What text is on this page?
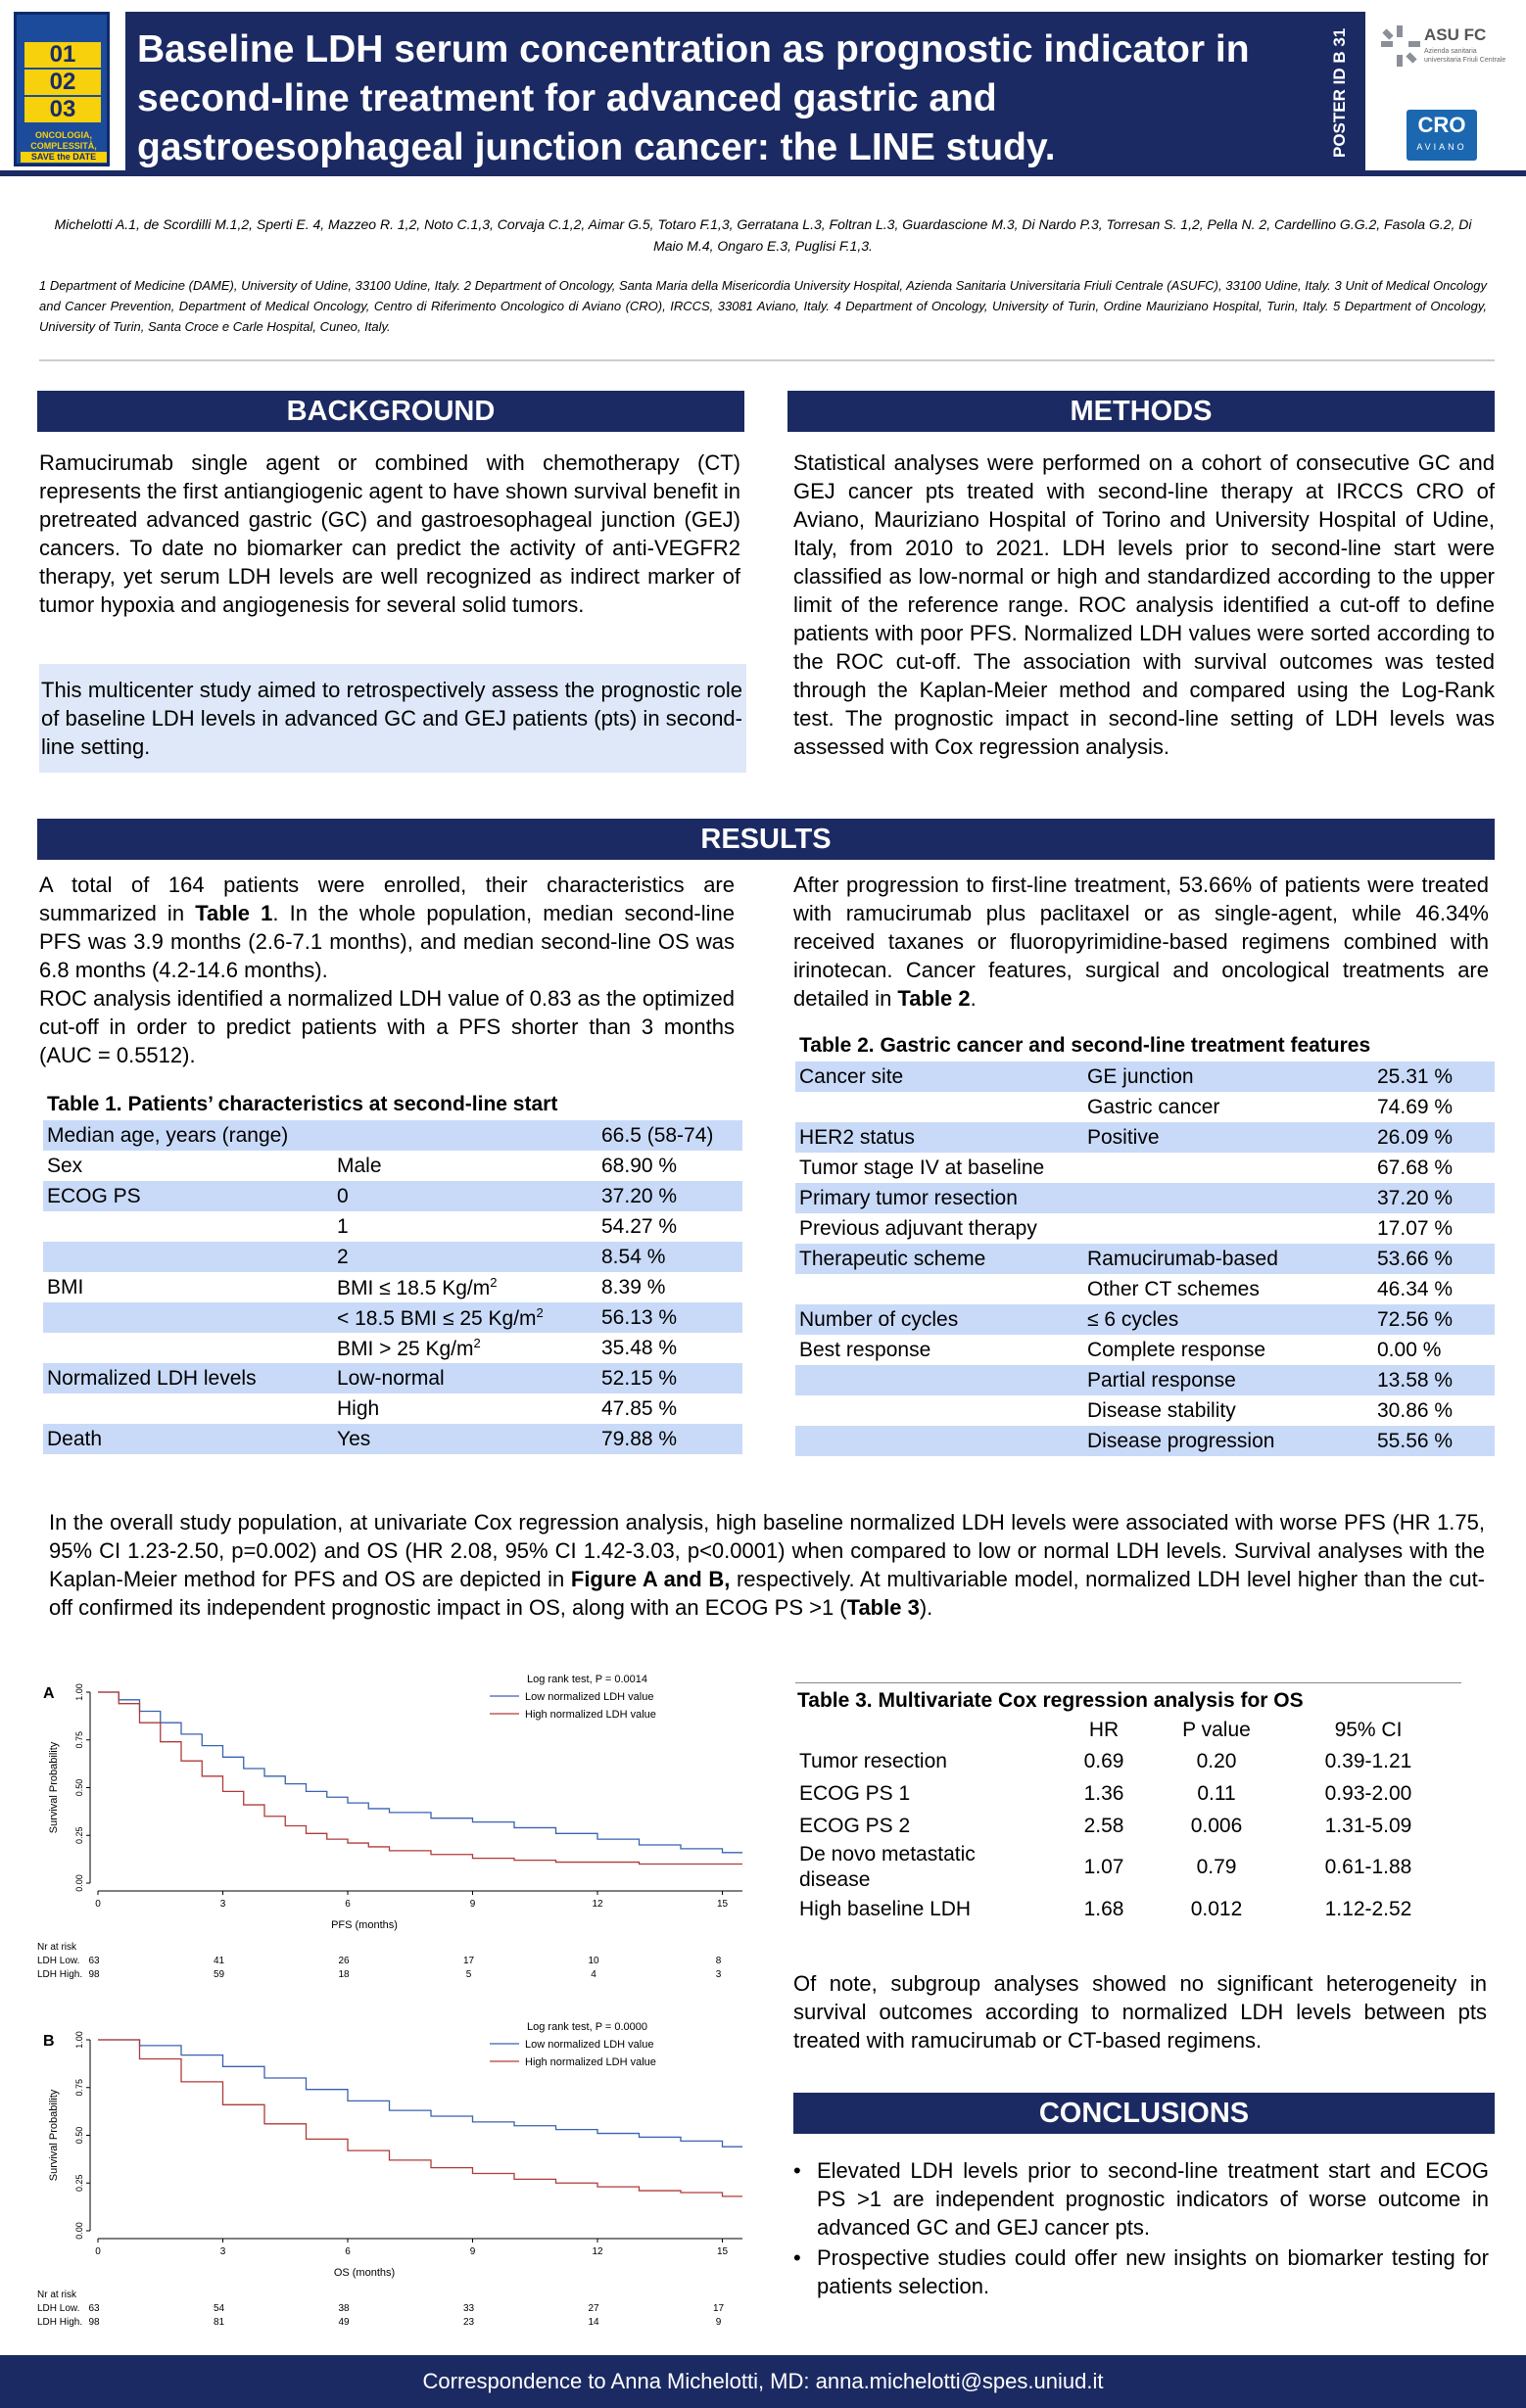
01
02
03
ONCOLOGIA, COMPLESSITÀ,
SAVE the DATE
Baseline LDH serum concentration as prognostic indicator in second-line treatment for advanced gastric and gastroesophageal junction cancer: the LINE study.	POSTER ID B 31	ASU FC
Azienda sanitaria universitaria Friuli Centrale
CRO
AVIANO
Michelotti A.1, de Scordilli M.1,2, Sperti E. 4, Mazzeo R. 1,2, Noto C.1,3, Corvaja C.1,2, Aimar G.5, Totaro F.1,3, Gerratana L.3, Foltran L.3, Guardascione M.3, Di Nardo P.3, Torresan S. 1,2, Pella N. 2, Cardellino G.G.2, Fasola G.2, Di Maio M.4, Ongaro E.3, Puglisi F.1,3.
1 Department of Medicine (DAME), University of Udine, 33100 Udine, Italy. 2 Department of Oncology, Santa Maria della Misericordia University Hospital, Azienda Sanitaria Universitaria Friuli Centrale (ASUFC), 33100 Udine, Italy. 3 Unit of Medical Oncology and Cancer Prevention, Department of Medical Oncology, Centro di Riferimento Oncologico di Aviano (CRO), IRCCS, 33081 Aviano, Italy. 4 Department of Oncology, University of Turin, Ordine Mauriziano Hospital, Turin, Italy. 5 Department of Oncology, University of Turin, Santa Croce e Carle Hospital, Cuneo, Italy.
BACKGROUND
Ramucirumab single agent or combined with chemotherapy (CT) represents the first antiangiogenic agent to have shown survival benefit in pretreated advanced gastric (GC) and gastroesophageal junction (GEJ) cancers. To date no biomarker can predict the activity of anti-VEGFR2 therapy, yet serum LDH levels are well recognized as indirect marker of tumor hypoxia and angiogenesis for several solid tumors.
This multicenter study aimed to retrospectively assess the prognostic role of baseline LDH levels in advanced GC and GEJ patients (pts) in second-line setting.
METHODS
Statistical analyses were performed on a cohort of consecutive GC and GEJ cancer pts treated with second-line therapy at IRCCS CRO of Aviano, Mauriziano Hospital of Torino and University Hospital of Udine, Italy, from 2010 to 2021. LDH levels prior to second-line start were classified as low-normal or high and standardized according to the upper limit of the reference range. ROC analysis identified a cut-off to define patients with poor PFS. Normalized LDH values were sorted according to the ROC cut-off. The association with survival outcomes was tested through the Kaplan-Meier method and compared using the Log-Rank test. The prognostic impact in second-line setting of LDH levels was assessed with Cox regression analysis.
RESULTS
A total of 164 patients were enrolled, their characteristics are summarized in Table 1. In the whole population, median second-line PFS was 3.9 months (2.6-7.1 months), and median second-line OS was 6.8 months (4.2-14.6 months).
ROC analysis identified a normalized LDH value of 0.83 as the optimized cut-off in order to predict patients with a PFS shorter than 3 months (AUC = 0.5512).
After progression to first-line treatment, 53.66% of patients were treated with ramucirumab plus paclitaxel or as single-agent, while 46.34% received taxanes or fluoropyrimidine-based regimens combined with irinotecan. Cancer features, surgical and oncological treatments are detailed in Table 2.
Table 1. Patients’ characteristics at second-line start
Median age, years (range)		66.5 (58-74)
Sex	Male	68.90 %
ECOG PS	0	37.20 %
	1	54.27 %
	2	8.54 %
BMI	BMI ≤ 18.5 $Kg/m^2$	8.39 %
	< 18.5 BMI ≤ 25 $Kg/m^2$	56.13 %
	BMI > 25 $Kg/m^2$	35.48 %
Normalized LDH levels	Low-normal	52.15 %
	High	47.85 %
Death	Yes	79.88 %
Table 2. Gastric cancer and second-line treatment features
Cancer site	GE junction	25.31 %
	Gastric cancer	74.69 %
HER2 status	Positive	26.09 %
Tumor stage IV at baseline		67.68 %
Primary tumor resection		37.20 %
Previous adjuvant therapy		17.07 %
Therapeutic scheme	Ramucirumab-based	53.66 %
	Other CT schemes	46.34 %
Number of cycles	≤ 6 cycles	72.56 %
Best response	Complete response	0.00 %
	Partial response	13.58 %
	Disease stability	30.86 %
	Disease progression	55.56 %
In the overall study population, at univariate Cox regression analysis, high baseline normalized LDH levels were associated with worse PFS (HR 1.75, 95% CI 1.23-2.50, p=0.002) and OS (HR 2.08, 95% CI 1.42-3.03, p<0.0001) when compared to low or normal LDH levels. Survival analyses with the Kaplan-Meier method for PFS and OS are depicted in Figure A and B, respectively. At multivariable model, normalized LDH level higher than the cut-off confirmed its independent prognostic impact in OS, along with an ECOG PS >1 (Table 3).
A
0.00
0.25
0.50
0.75
1.00
Survival Probability
0	3	6	9	12	15
PFS (months)
Low normalized LDH value
High normalized LDH value
Log rank test, P = 0.0014
Nr at risk
LDH Low. 63	41	26	17	10	8
LDH High. 98	59	18	5	4	3
B
0.00
0.25
0.50
0.75
1.00
Survival Probability
0	3	6	9	12	15
OS (months)
Low normalized LDH value
High normalized LDH value
Log rank test, P = 0.0000
Nr at risk
LDH Low. 63	54	38	33	27	17
LDH High. 98	81	49	23	14	9
Table 3. Multivariate Cox regression analysis for OS
	HR	P value	95% CI
Tumor resection	0.69	0.20	0.39-1.21
ECOG PS 1	1.36	0.11	0.93-2.00
ECOG PS 2	2.58	0.006	1.31-5.09
De novo metastatic disease	1.07	0.79	0.61-1.88
High baseline LDH	1.68	0.012	1.12-2.52
Of note, subgroup analyses showed no significant heterogeneity in survival outcomes according to normalized LDH levels between pts treated with ramucirumab or CT-based regimens.
CONCLUSIONS
• Elevated LDH levels prior to second-line treatment start and ECOG PS >1 are independent prognostic indicators of worse outcome in advanced GC and GEJ cancer pts.
• Prospective studies could offer new insights on biomarker testing for patients selection.
Correspondence to Anna Michelotti, MD: anna.michelotti@spes.uniud.it
